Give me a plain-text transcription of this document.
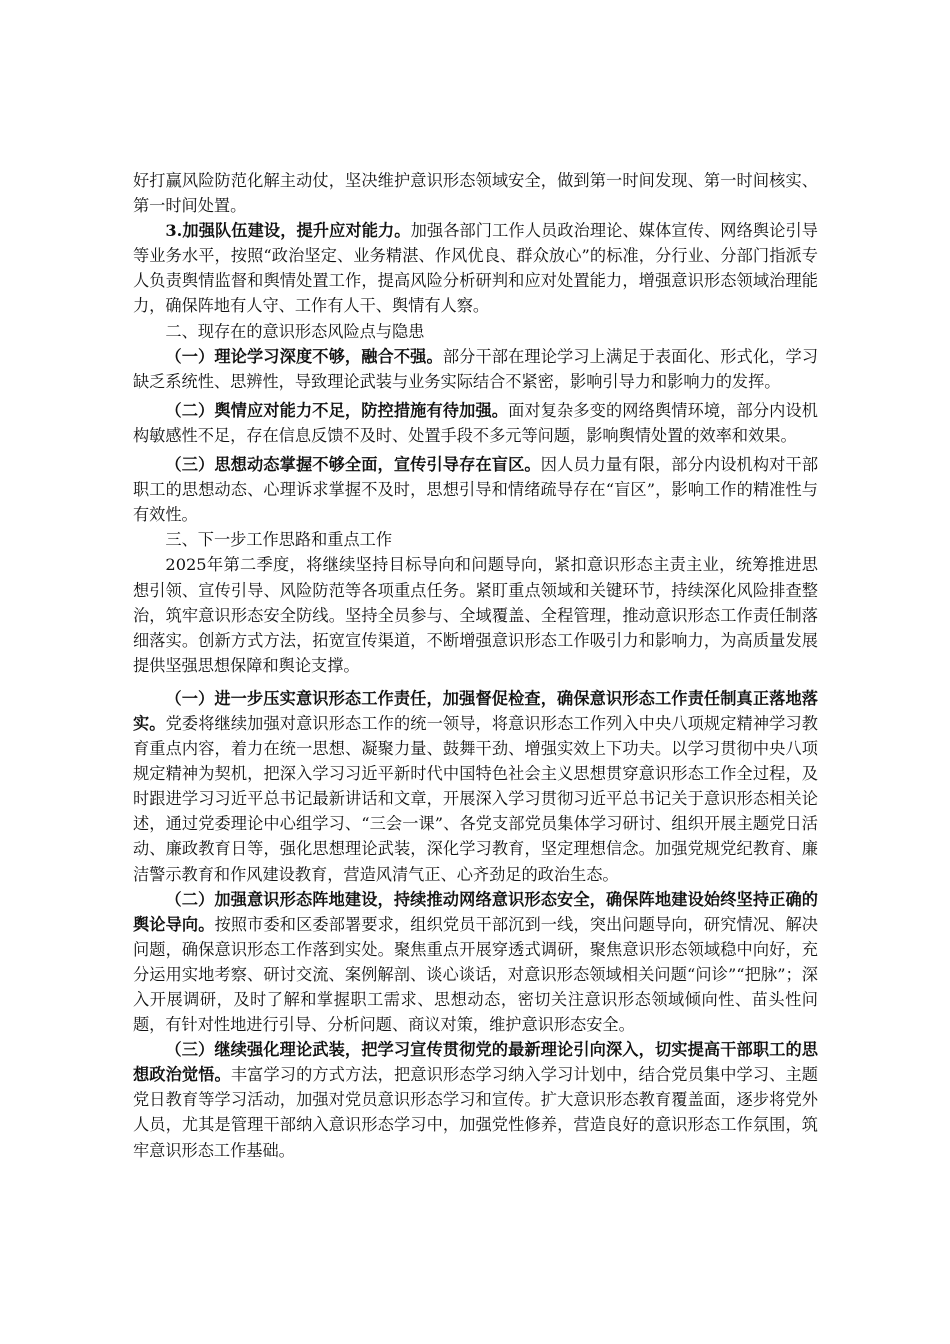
好打赢风险防范化解主动仗，坚决维护意识形态领域安全，做到第一时间发现、第一时间核实、第一时间处置。

3.加强队伍建设，提升应对能力。加强各部门工作人员政治理论、媒体宣传、网络舆论引导等业务水平，按照“政治坚定、业务精湛、作风优良、群众放心”的标准，分行业、分部门指派专人负责舆情监督和舆情处置工作，提高风险分析研判和应对处置能力，增强意识形态领域治理能力，确保阵地有人守、工作有人干、舆情有人察。

二、现存在的意识形态风险点与隐患

（一）理论学习深度不够，融合不强。部分干部在理论学习上满足于表面化、形式化，学习缺乏系统性、思辨性，导致理论武装与业务实际结合不紧密，影响引导力和影响力的发挥。

（二）舆情应对能力不足，防控措施有待加强。面对复杂多变的网络舆情环境，部分内设机构敏感性不足，存在信息反馈不及时、处置手段不多元等问题，影响舆情处置的效率和效果。

（三）思想动态掌握不够全面，宣传引导存在盲区。因人员力量有限，部分内设机构对干部职工的思想动态、心理诉求掌握不及时，思想引导和情绪疏导存在“盲区”，影响工作的精准性与有效性。

三、下一步工作思路和重点工作

2025年第二季度，将继续坚持目标导向和问题导向，紧扣意识形态主责主业，统筹推进思想引领、宣传引导、风险防范等各项重点任务。紧盯重点领域和关键环节，持续深化风险排查整治，筑牢意识形态安全防线。坚持全员参与、全域覆盖、全程管理，推动意识形态工作责任制落细落实。创新方式方法，拓宽宣传渠道，不断增强意识形态工作吸引力和影响力，为高质量发展提供坚强思想保障和舆论支撑。

（一）进一步压实意识形态工作责任，加强督促检查，确保意识形态工作责任制真正落地落实。党委将继续加强对意识形态工作的统一领导，将意识形态工作列入中央八项规定精神学习教育重点内容，着力在统一思想、凝聚力量、鼓舞干劲、增强实效上下功夫。以学习贯彻中央八项规定精神为契机，把深入学习习近平新时代中国特色社会主义思想贯穿意识形态工作全过程，及时跟进学习习近平总书记最新讲话和文章，开展深入学习贯彻习近平总书记关于意识形态相关论述，通过党委理论中心组学习、“三会一课”、各党支部党员集体学习研讨、组织开展主题党日活动、廉政教育日等，强化思想理论武装，深化学习教育，坚定理想信念。加强党规党纪教育、廉洁警示教育和作风建设教育，营造风清气正、心齐劲足的政治生态。

（二）加强意识形态阵地建设，持续推动网络意识形态安全，确保阵地建设始终坚持正确的舆论导向。按照市委和区委部署要求，组织党员干部沉到一线，突出问题导向，研究情况、解决问题，确保意识形态工作落到实处。聚焦重点开展穿透式调研，聚焦意识形态领域稳中向好，充分运用实地考察、研讨交流、案例解剖、谈心谈话，对意识形态领域相关问题“问诊”“把脉”；深入开展调研，及时了解和掌握职工需求、思想动态，密切关注意识形态领域倾向性、苗头性问题，有针对性地进行引导、分析问题、商议对策，维护意识形态安全。

（三）继续强化理论武装，把学习宣传贯彻党的最新理论引向深入，切实提高干部职工的思想政治觉悟。丰富学习的方式方法，把意识形态学习纳入学习计划中，结合党员集中学习、主题党日教育等学习活动，加强对党员意识形态学习和宣传。扩大意识形态教育覆盖面，逐步将党外人员，尤其是管理干部纳入意识形态学习中，加强党性修养，营造良好的意识形态工作氛围，筑牢意识形态工作基础。
